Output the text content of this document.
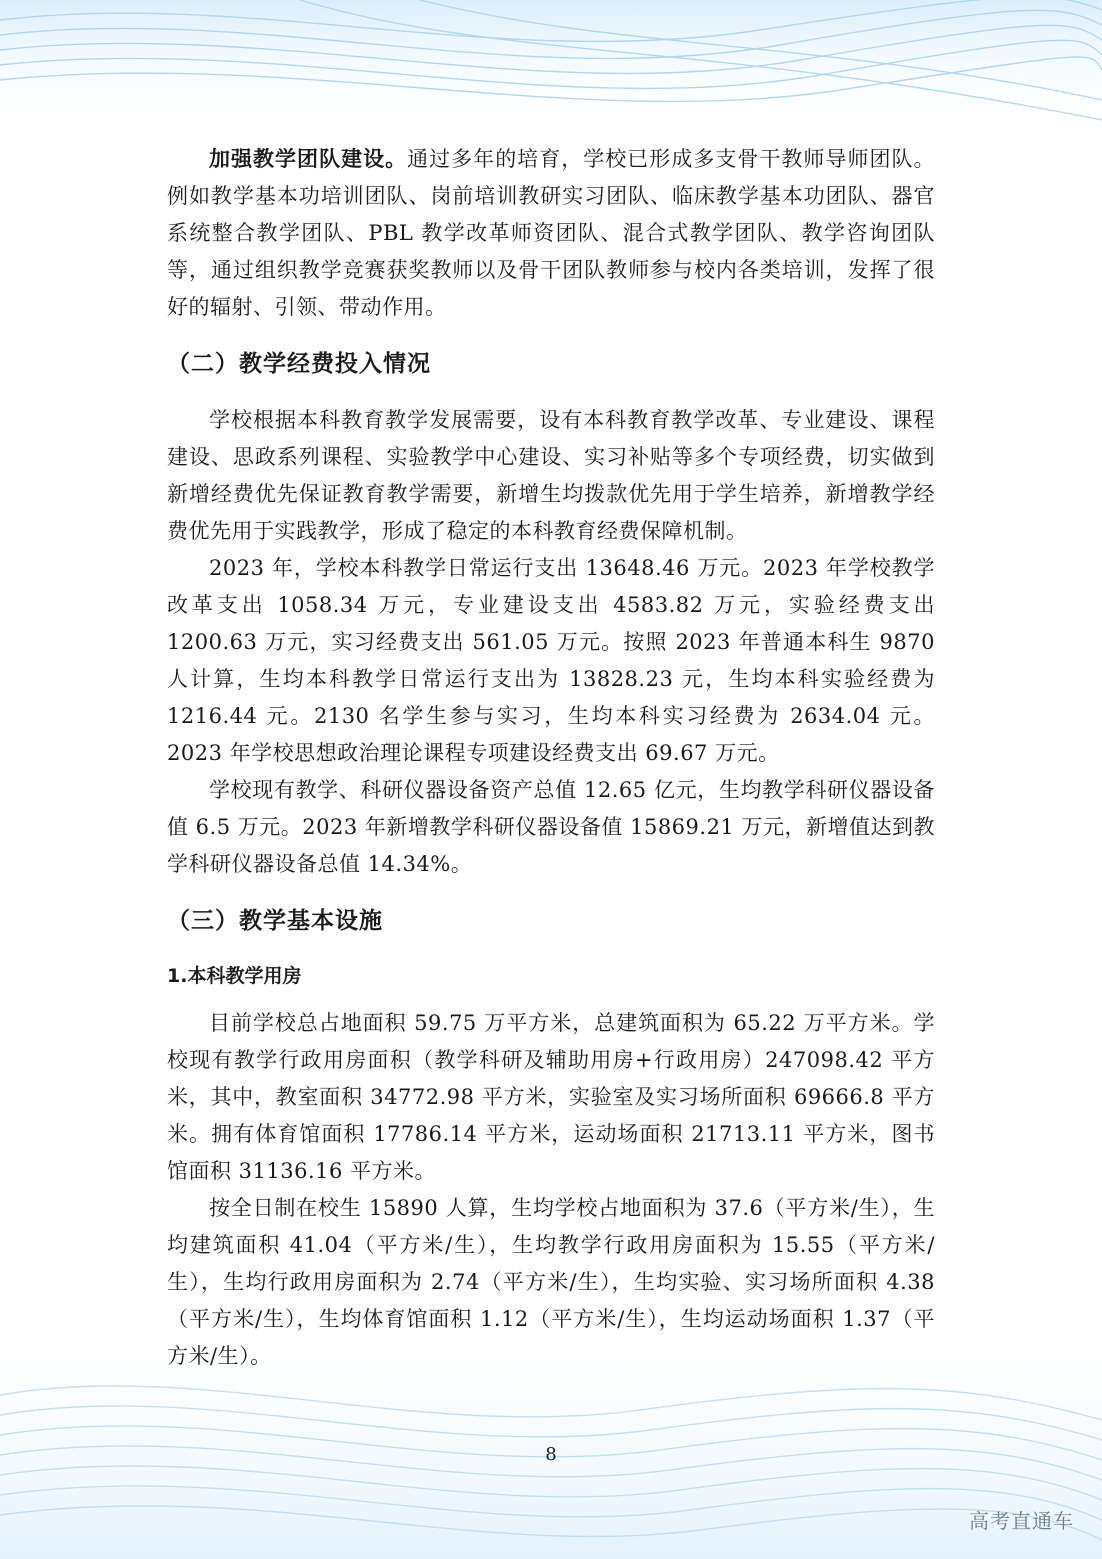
加强教学团队建设。通过多年的培育，学校已形成多支骨干教师导师团队。例如教学基本功培训团队、岗前培训教研实习团队、临床教学基本功团队、器官系统整合教学团队、PBL 教学改革师资团队、混合式教学团队、教学咨询团队等，通过组织教学竞赛获奖教师以及骨干团队教师参与校内各类培训，发挥了很好的辐射、引领、带动作用。

（二）教学经费投入情况

学校根据本科教育教学发展需要，设有本科教育教学改革、专业建设、课程建设、思政系列课程、实验教学中心建设、实习补贴等多个专项经费，切实做到新增经费优先保证教育教学需要，新增生均拨款优先用于学生培养，新增教学经费优先用于实践教学，形成了稳定的本科教育经费保障机制。

2023 年，学校本科教学日常运行支出 13648.46 万元。2023 年学校教学改革支出 1058.34 万元，专业建设支出 4583.82 万元，实验经费支出 1200.63 万元，实习经费支出 561.05 万元。按照 2023 年普通本科生 9870 人计算，生均本科教学日常运行支出为 13828.23 元，生均本科实验经费为 1216.44 元。2130 名学生参与实习，生均本科实习经费为 2634.04 元。2023 年学校思想政治理论课程专项建设经费支出 69.67 万元。

学校现有教学、科研仪器设备资产总值 12.65 亿元，生均教学科研仪器设备值 6.5 万元。2023 年新增教学科研仪器设备值 15869.21 万元，新增值达到教学科研仪器设备总值 14.34%。

（三）教学基本设施
1.本科教学用房

目前学校总占地面积 59.75 万平方米，总建筑面积为 65.22 万平方米。学校现有教学行政用房面积（教学科研及辅助用房+行政用房）247098.42 平方米，其中，教室面积 34772.98 平方米，实验室及实习场所面积 69666.8 平方米。拥有体育馆面积 17786.14 平方米，运动场面积 21713.11 平方米，图书馆面积 31136.16 平方米。

按全日制在校生 15890 人算，生均学校占地面积为 37.6（平方米/生），生均建筑面积 41.04（平方米/生），生均教学行政用房面积为 15.55（平方米/生），生均行政用房面积为 2.74（平方米/生），生均实验、实习场所面积 4.38（平方米/生），生均体育馆面积 1.12（平方米/生），生均运动场面积 1.37（平方米/生）。

8
高考直通车
